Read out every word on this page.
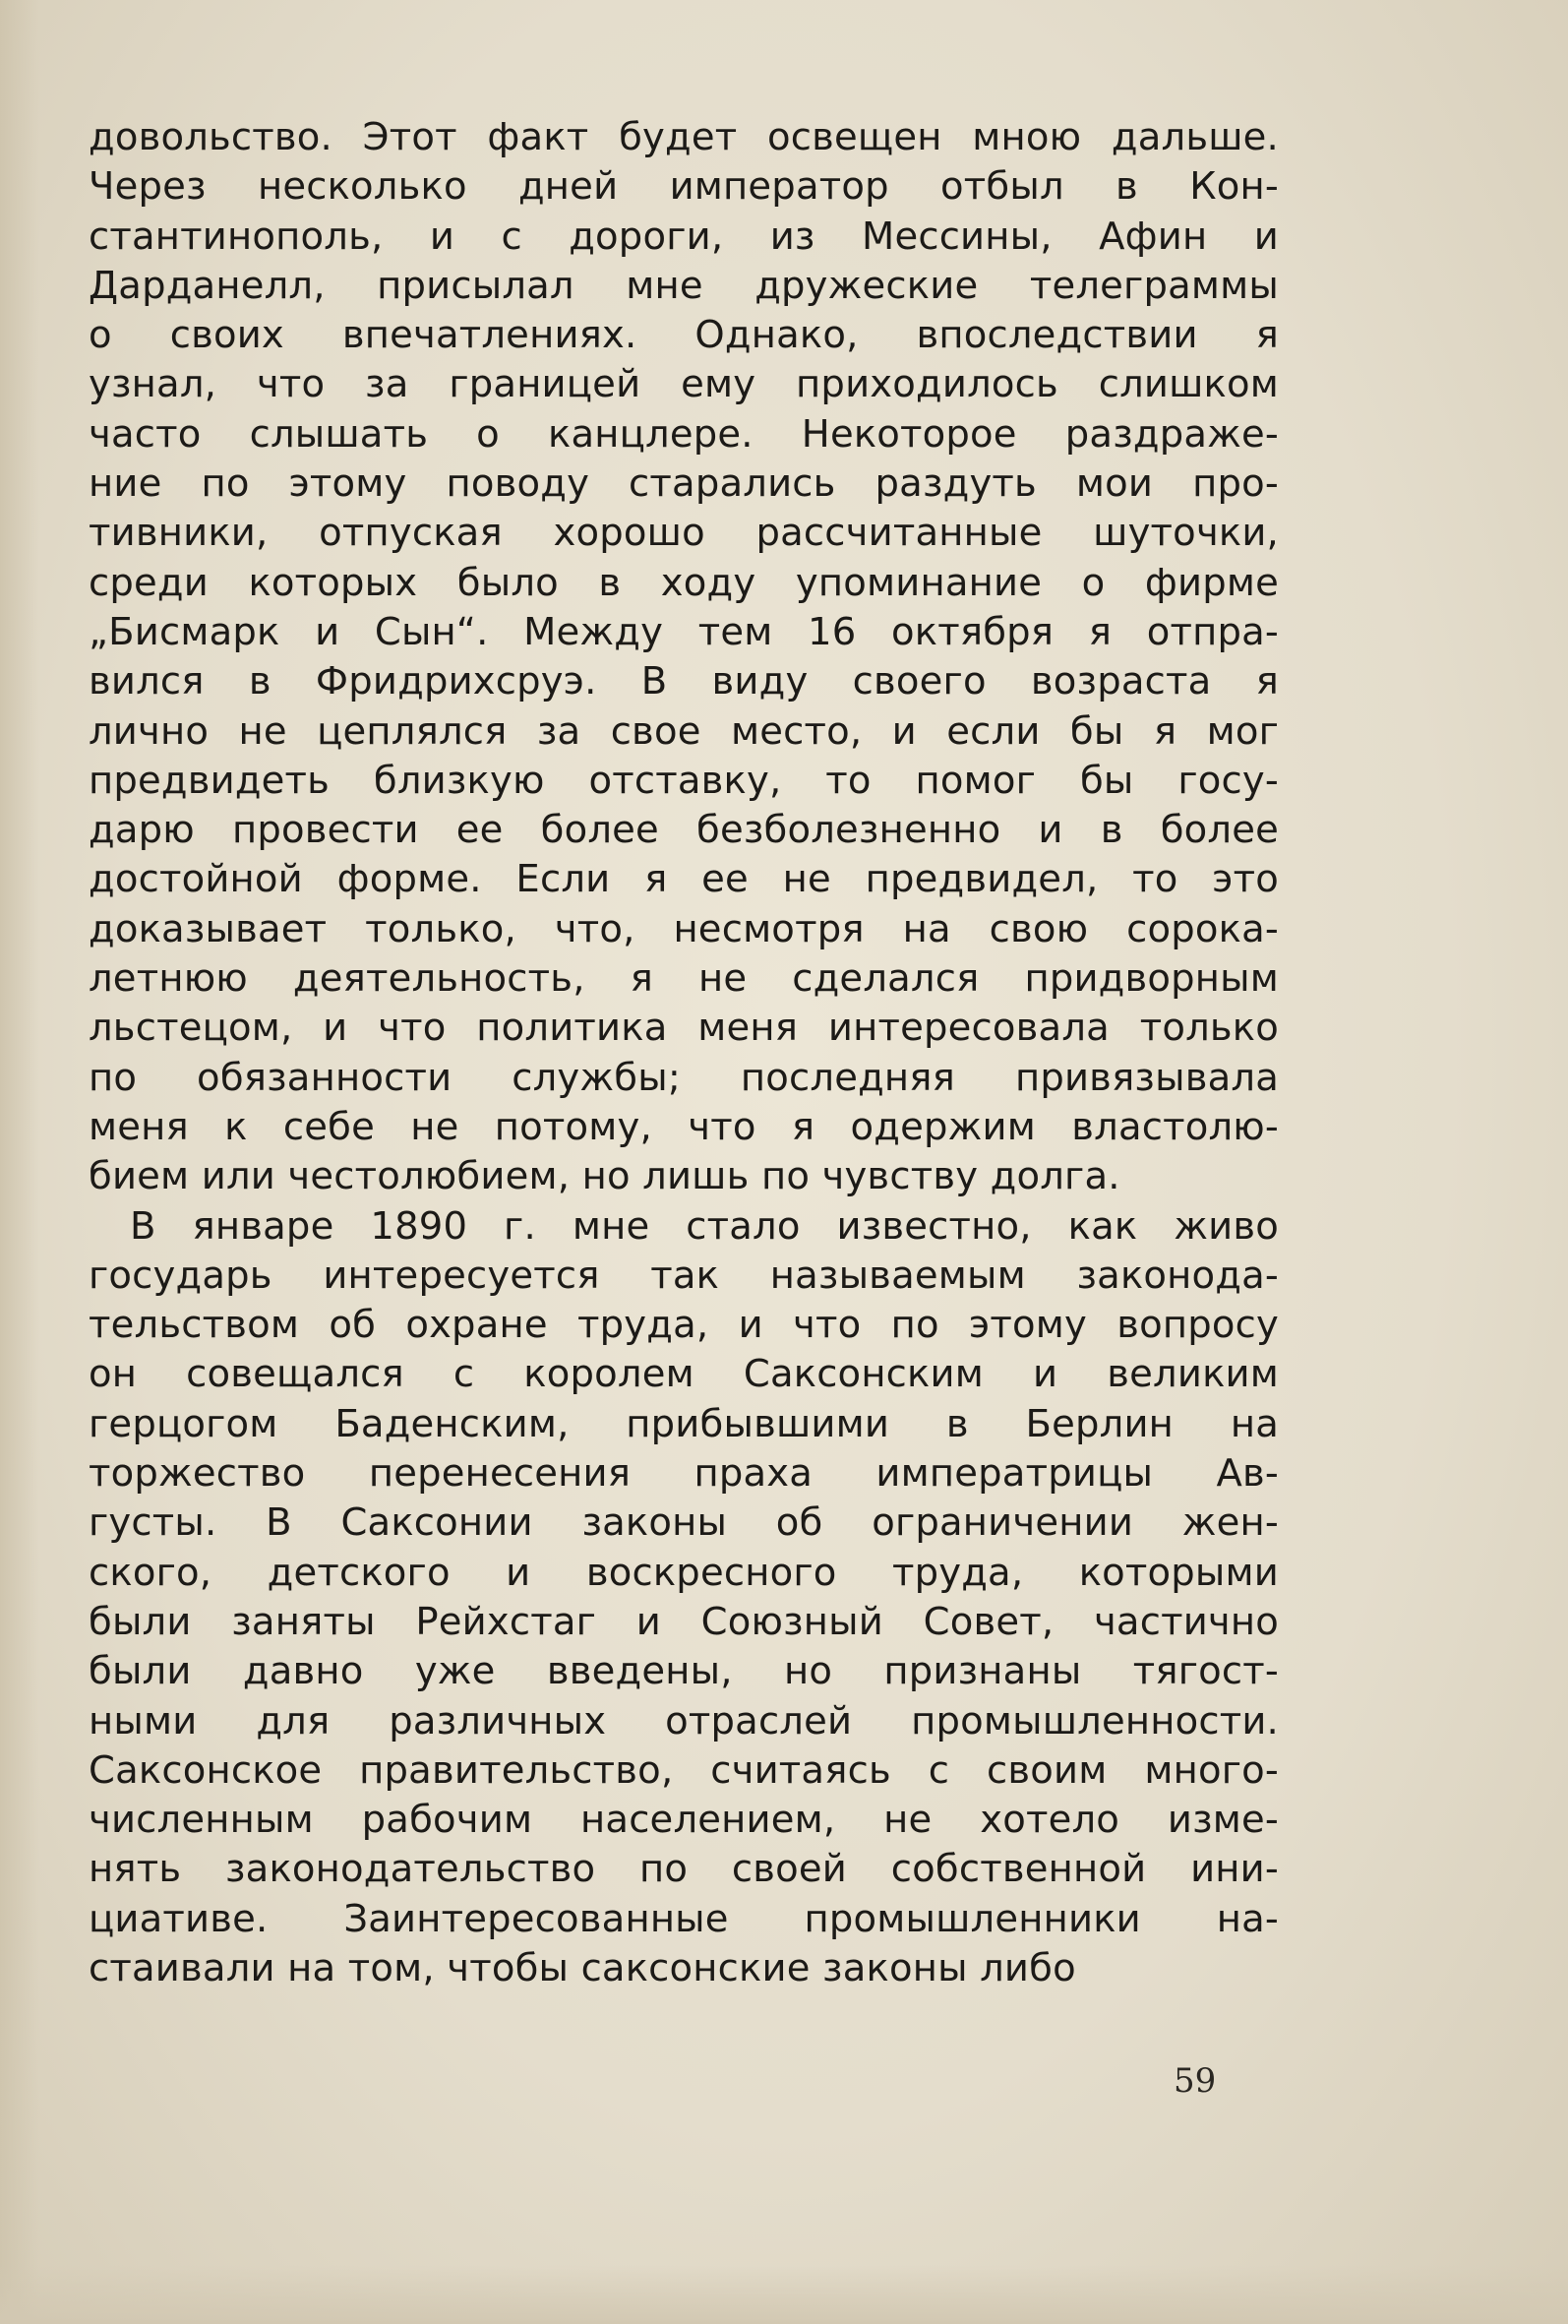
довольство. Этот факт будет освещен мною дальше.
Через несколько дней император отбыл в Кон-
стантинополь, и с дороги, из Мессины, Афин и
Дарданелл, присылал мне дружеские телеграммы
о своих впечатлениях. Однако, впоследствии я
узнал, что за границей ему приходилось слишком
часто слышать о канцлере. Некоторое раздраже-
ние по этому поводу старались раздуть мои про-
тивники, отпуская хорошо рассчитанные шуточки,
среди которых было в ходу упоминание о фирме
„Бисмарк и Сын“. Между тем 16 октября я отпра-
вился в Фридрихсруэ. В виду своего возраста я
лично не цеплялся за свое место, и если бы я мог
предвидеть близкую отставку, то помог бы госу-
дарю провести ее более безболезненно и в более
достойной форме. Если я ее не предвидел, то это
доказывает только, что, несмотря на свою сорока-
летнюю деятельность, я не сделался придворным
льстецом, и что политика меня интересовала только
по обязанности службы; последняя привязывала
меня к себе не потому, что я одержим властолю-
бием или честолюбием, но лишь по чувству долга.
В январе 1890 г. мне стало известно, как живо
государь интересуется так называемым законода-
тельством об охране труда, и что по этому вопросу
он совещался с королем Саксонским и великим
герцогом Баденским, прибывшими в Берлин на
торжество перенесения праха императрицы Ав-
густы. В Саксонии законы об ограничении жен-
ского, детского и воскресного труда, которыми
были заняты Рейхстаг и Союзный Совет, частично
были давно уже введены, но признаны тягост-
ными для различных отраслей промышленности.
Саксонское правительство, считаясь с своим много-
численным рабочим населением, не хотело изме-
нять законодательство по своей собственной ини-
циативе. Заинтересованные промышленники на-
стаивали на том, чтобы саксонские законы либо
59
